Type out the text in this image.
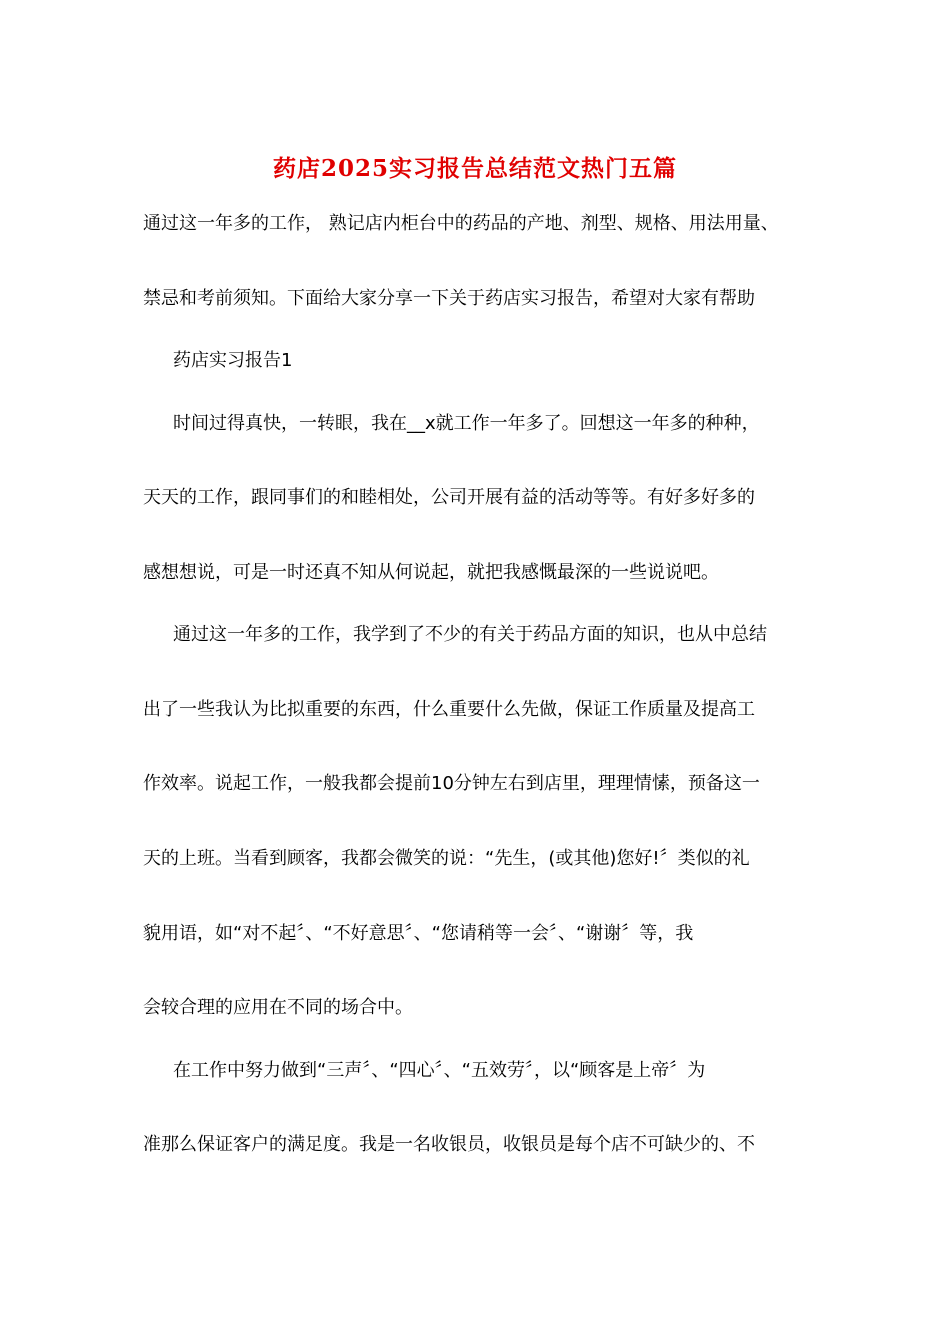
药店2025实习报告总结范文热门五篇
通过这一年多的工作， 熟记店内柜台中的药品的产地、剂型、规格、用法用量、
禁忌和考前须知。下面给大家分享一下关于药店实习报告，希望对大家有帮助
药店实习报告1
时间过得真快，一转眼，我在__x就工作一年多了。回想这一年多的种种，
天天的工作，跟同事们的和睦相处，公司开展有益的活动等等。有好多好多的
感想想说，可是一时还真不知从何说起，就把我感慨最深的一些说说吧。
通过这一年多的工作，我学到了不少的有关于药品方面的知识，也从中总结
出了一些我认为比拟重要的东西，什么重要什么先做，保证工作质量及提高工
作效率。说起工作，一般我都会提前10分钟左右到店里，理理情愫，预备这一
天的上班。当看到顾客，我都会微笑的说：“先生，(或其他)您好!〞类似的礼
貌用语，如“对不起〞、“不好意思〞、“您请稍等一会〞、“谢谢〞等，我
会较合理的应用在不同的场合中。
在工作中努力做到“三声〞、“四心〞、“五效劳〞，以“顾客是上帝〞为
准那么保证客户的满足度。我是一名收银员，收银员是每个店不可缺少的、不
